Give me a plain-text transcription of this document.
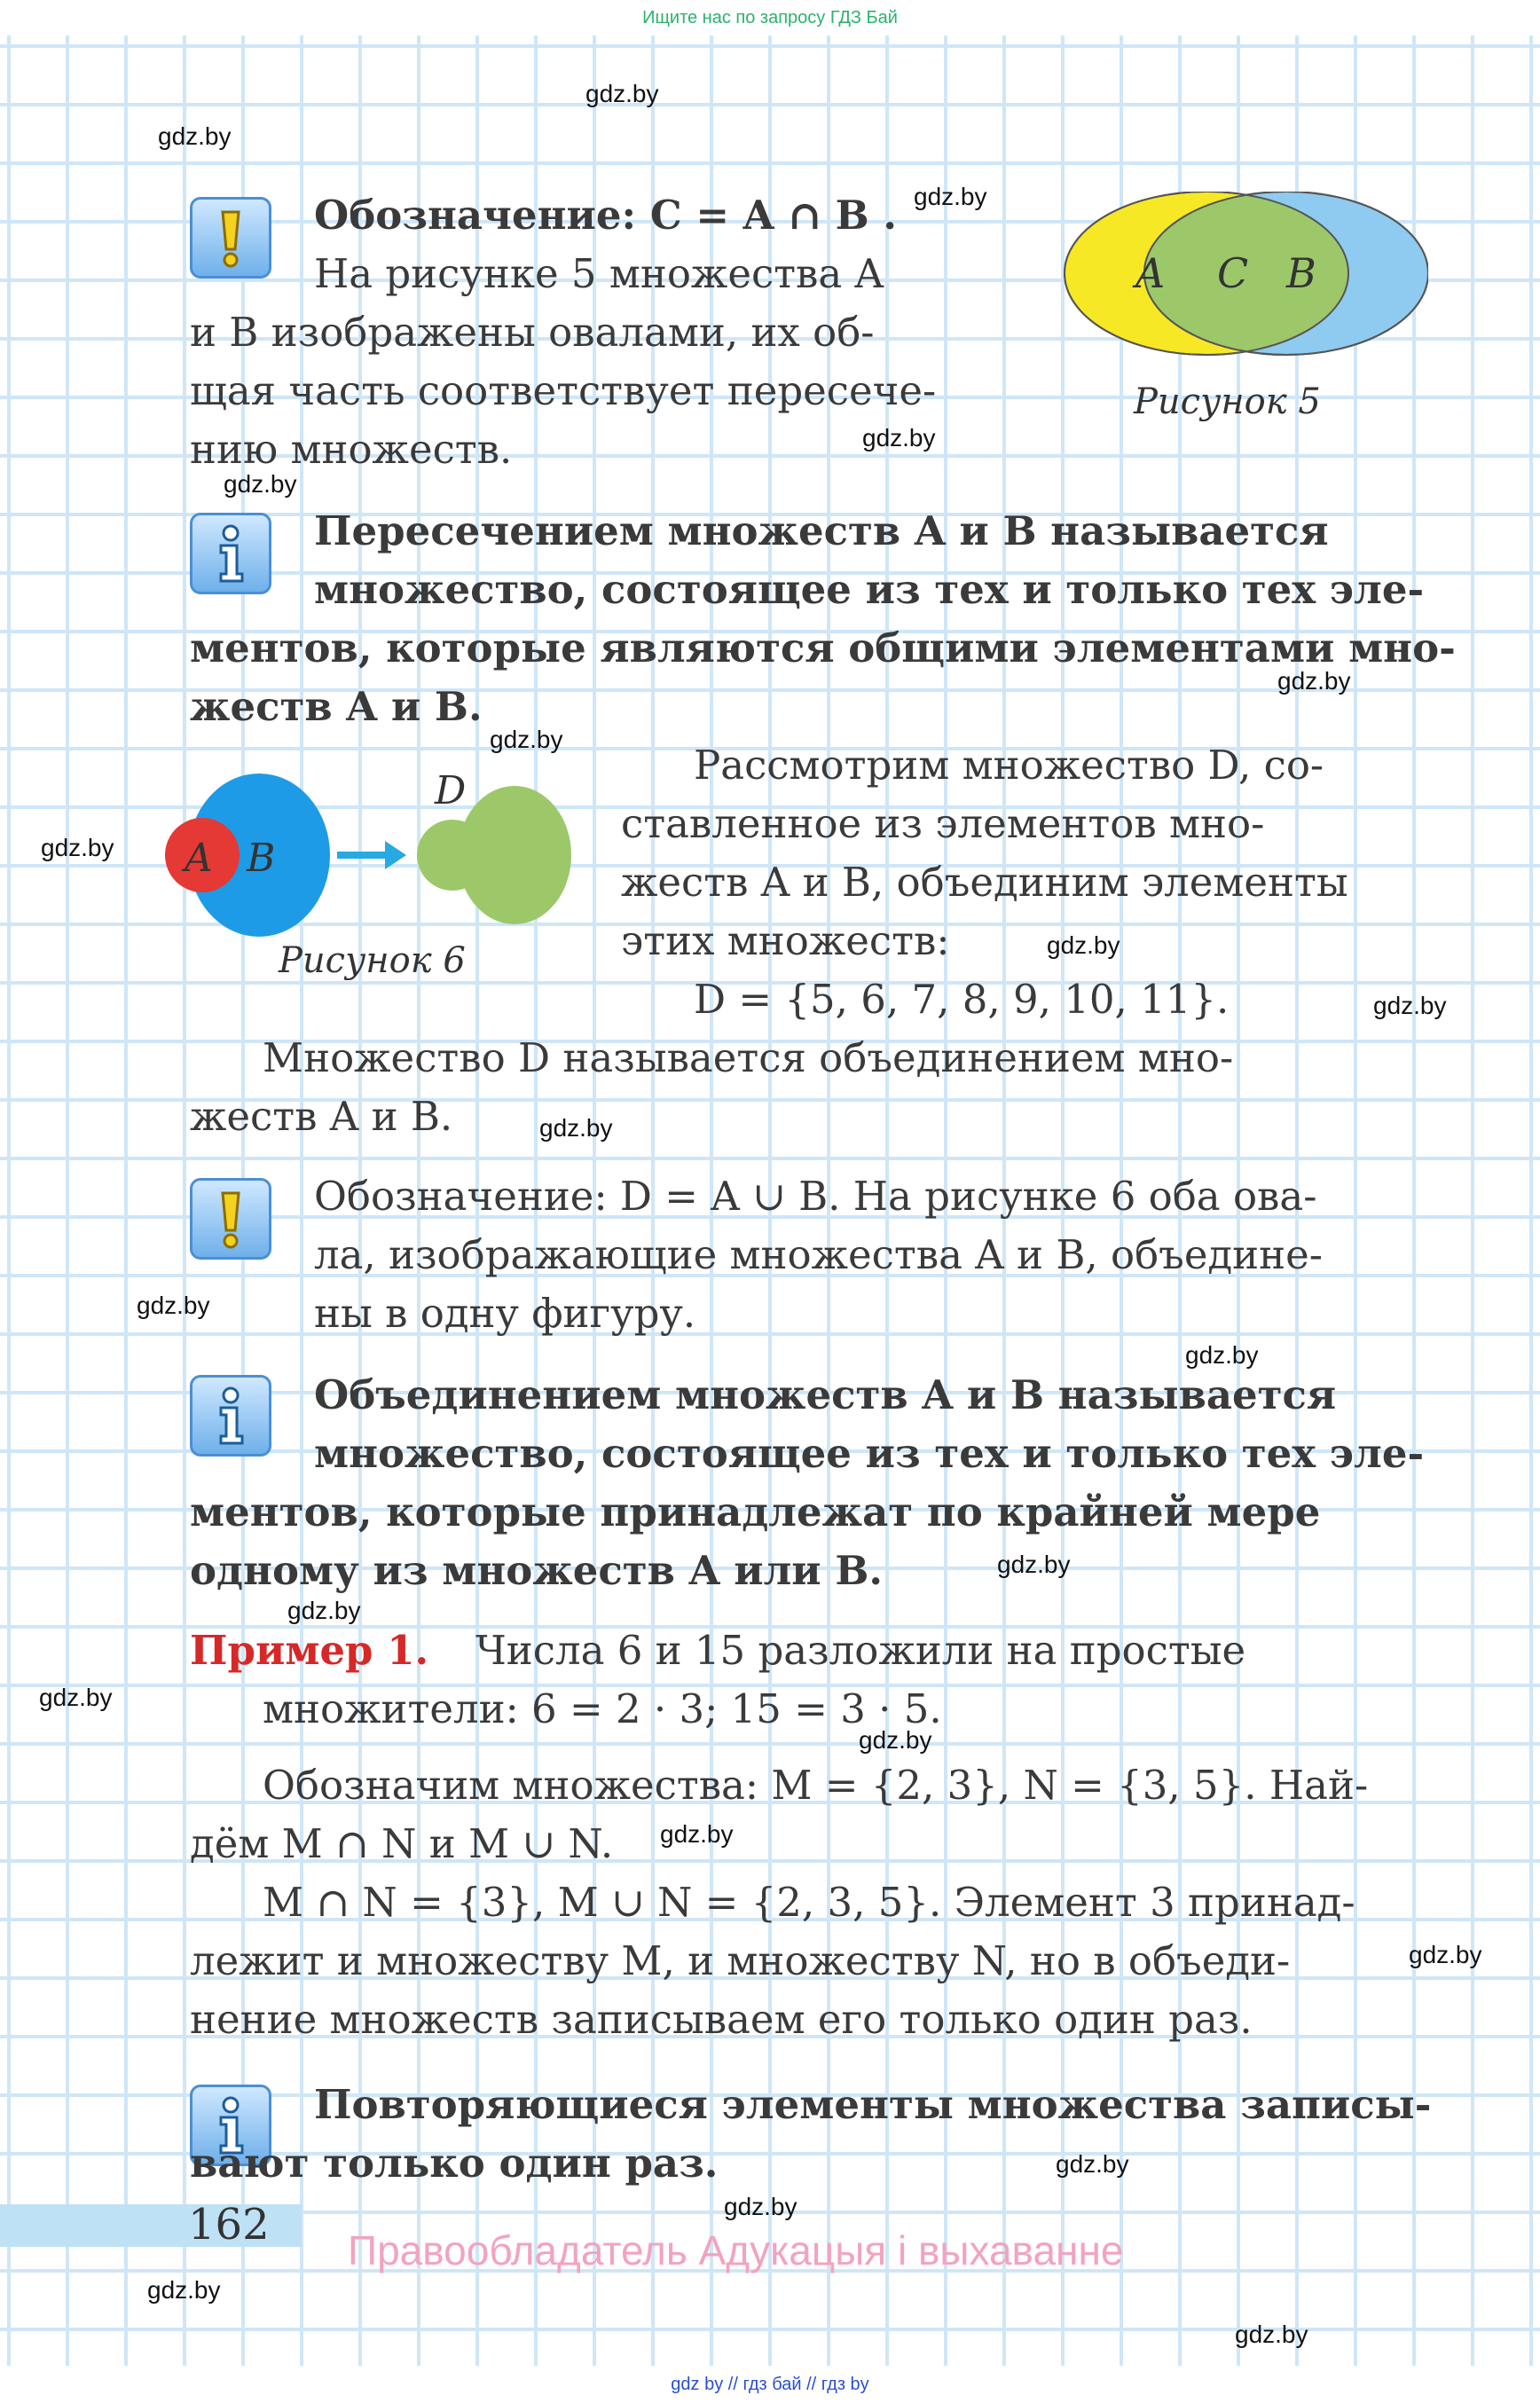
Ищите нас по запросу ГДЗ Бай
gdz.by
gdz.by
gdz.by
gdz.by
gdz.by
gdz.by
gdz.by
gdz.by
gdz.by
gdz.by
gdz.by
gdz.by
gdz.by
gdz.by
gdz.by
gdz.by
gdz.by
gdz.by
gdz.by
gdz.by
gdz.by
gdz.by
gdz.by
Обозначение: C = A ∩ B .
На рисунке 5 множества A
и B изображены овалами, их об-
щая часть соответствует пересече-
нию множеств.
A C B
Рисунок 5
Пересечением множеств A и B называется
множество, состоящее из тех и только тех эле-
ментов, которые являются общими элементами мно-
жеств A и B.
A B
D
Рисунок 6
Рассмотрим множество D, со-
ставленное из элементов мно-
жеств A и B, объединим элементы
этих множеств:
D = {5, 6, 7, 8, 9, 10, 11}.
Множество D называется объединением мно-
жеств A и B.
Обозначение: D = A ∪ B. На рисунке 6 оба ова-
ла, изображающие множества A и B, объедине-
ны в одну фигуру.
Объединением множеств A и B называется
множество, состоящее из тех и только тех эле-
ментов, которые принадлежат по крайней мере
одному из множеств A или B.
Пример 1. Числа 6 и 15 разложили на простые
множители: 6 = 2 · 3; 15 = 3 · 5.
Обозначим множества: M = {2, 3}, N = {3, 5}. Най-
дём M ∩ N и M ∪ N.
M ∩ N = {3}, M ∪ N = {2, 3, 5}. Элемент 3 принад-
лежит и множеству M, и множеству N, но в объеди-
нение множеств записываем его только один раз.
Повторяющиеся элементы множества записы-
вают только один раз.
162
Правообладатель Адукацыя і выхаванне
gdz by // гдз бай // гдз by
